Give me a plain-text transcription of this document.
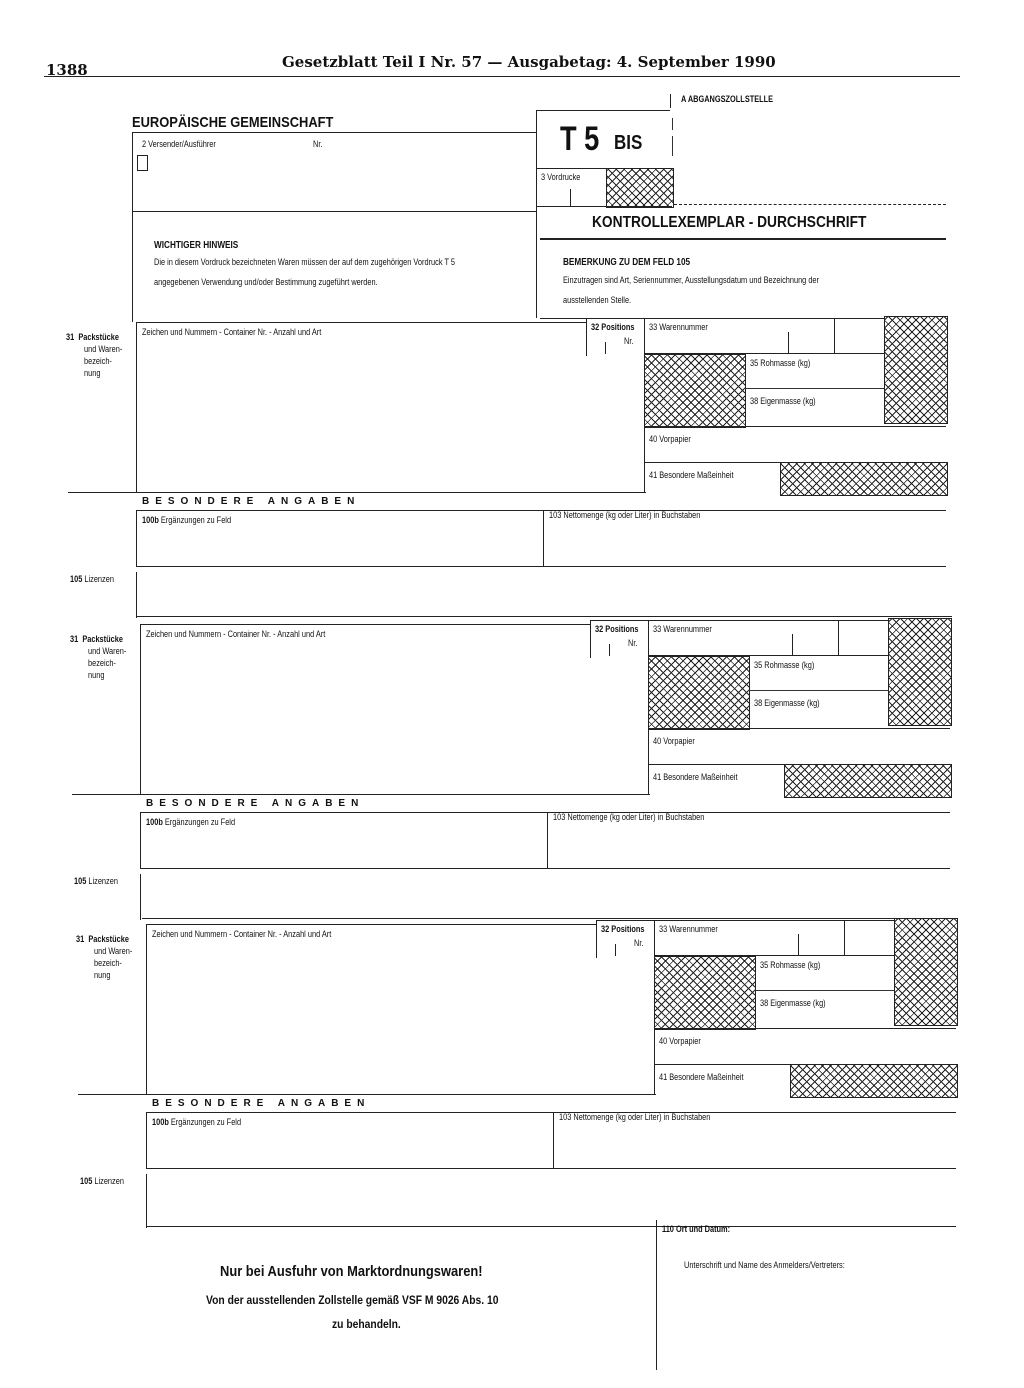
1388	Gesetzblatt Teil I Nr. 57 — Ausgabetag: 4. September 1990
EUROPÄISCHE GEMEINSCHAFT
2 Versender/Ausführer	Nr.	T 5 BIS
3 Vordrucke
A ABGANGSZOLLSTELLE
KONTROLLEXEMPLAR - DURCHSCHRIFT
WICHTIGER HINWEIS
Die in diesem Vordruck bezeichneten Waren müssen der auf dem zugehörigen Vordruck T 5
angegebenen Verwendung und/oder Bestimmung zugeführt werden.
BEMERKUNG ZU DEM FELD 105
Einzutragen sind Art, Seriennummer, Ausstellungsdatum und Bezeichnung der
ausstellenden Stelle.
31 Packstücke
und Waren-
bezeich-
nung
Zeichen und Nummern - Container Nr. - Anzahl und Art	32 Positions
Nr.
33 Warennummer
35 Rohmasse (kg)
38 Eigenmasse (kg)
40 Vorpapier
41 Besondere Maßeinheit
BESONDERE ANGABEN
100b Ergänzungen zu Feld	103 Nettomenge (kg oder Liter) in Buchstaben
105 Lizenzen
31 Packstücke
und Waren-
bezeich-
nung
Zeichen und Nummern - Container Nr. - Anzahl und Art	32 Positions
Nr.
33 Warennummer
35 Rohmasse (kg)
38 Eigenmasse (kg)
40 Vorpapier
41 Besondere Maßeinheit
BESONDERE ANGABEN
100b Ergänzungen zu Feld	103 Nettomenge (kg oder Liter) in Buchstaben
105 Lizenzen
31 Packstücke
und Waren-
bezeich-
nung
Zeichen und Nummern - Container Nr. - Anzahl und Art	32 Positions
Nr.
33 Warennummer
35 Rohmasse (kg)
38 Eigenmasse (kg)
40 Vorpapier
41 Besondere Maßeinheit
BESONDERE ANGABEN
100b Ergänzungen zu Feld	103 Nettomenge (kg oder Liter) in Buchstaben
105 Lizenzen
110 Ort und Datum:
Unterschrift und Name des Anmelders/Vertreters:
Nur bei Ausfuhr von Marktordnungswaren!
Von der ausstellenden Zollstelle gemäß VSF M 9026 Abs. 10
zu behandeln.
